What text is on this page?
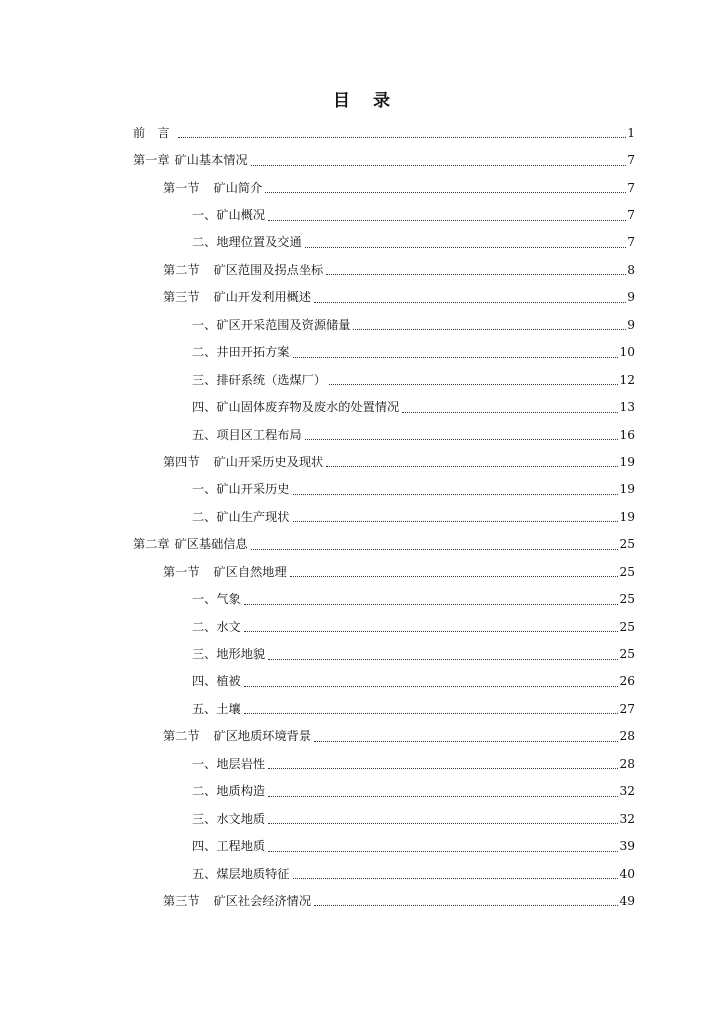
目 录
前　言	1
第一章 矿山基本情况	7
第一节 矿山简介	7
一、矿山概况	7
二、地理位置及交通	7
第二节 矿区范围及拐点坐标	8
第三节 矿山开发利用概述	9
一、矿区开采范围及资源储量	9
二、井田开拓方案	10
三、排矸系统（选煤厂）	12
四、矿山固体废弃物及废水的处置情况	13
五、项目区工程布局	16
第四节 矿山开采历史及现状	19
一、矿山开采历史	19
二、矿山生产现状	19
第二章 矿区基础信息	25
第一节 矿区自然地理	25
一、气象	25
二、水文	25
三、地形地貌	25
四、植被	26
五、土壤	27
第二节 矿区地质环境背景	28
一、地层岩性	28
二、地质构造	32
三、水文地质	32
四、工程地质	39
五、煤层地质特征	40
第三节 矿区社会经济情况	49
